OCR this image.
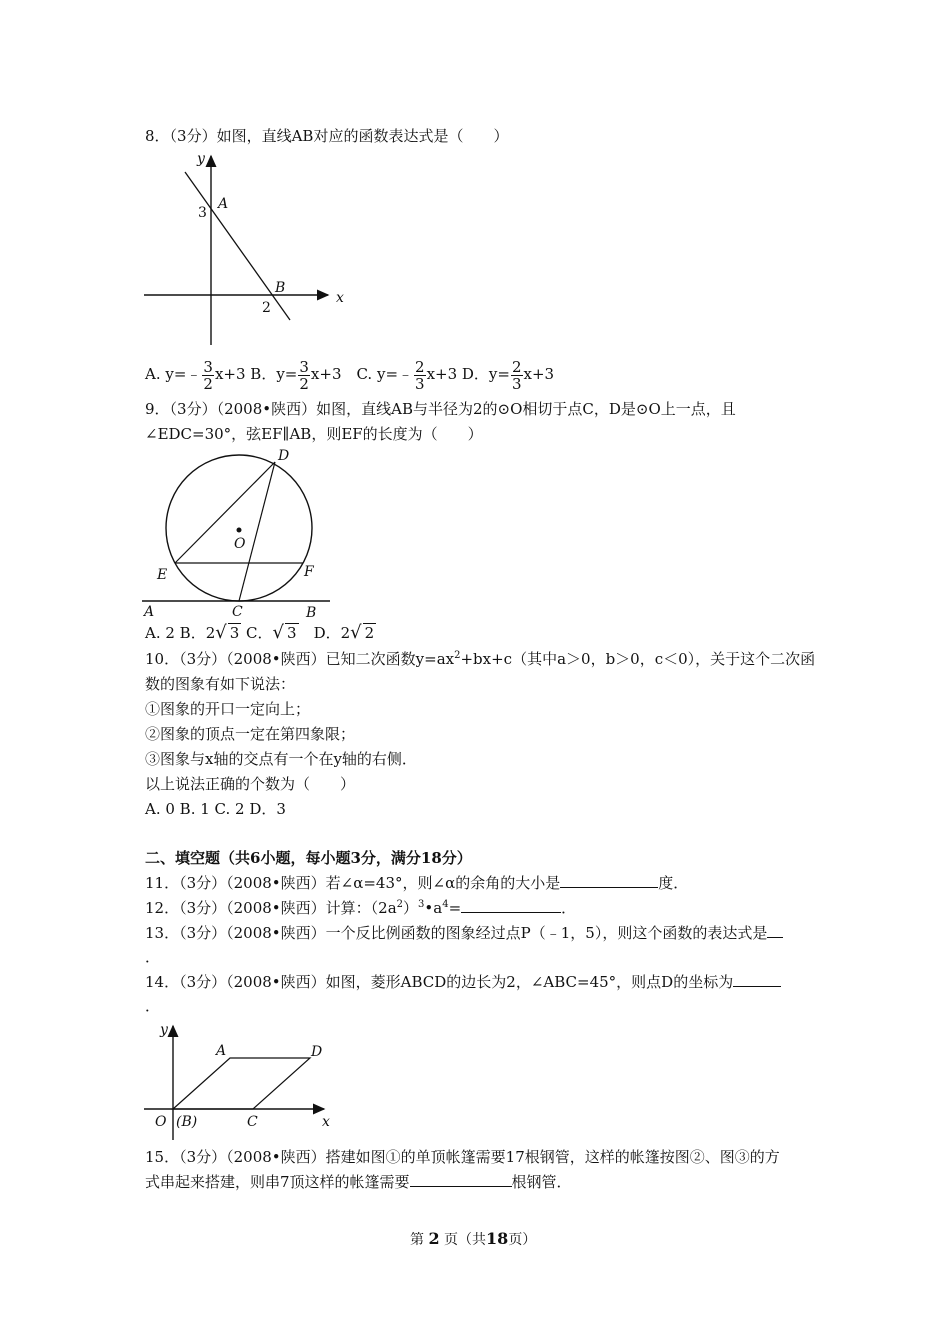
8．（3分）如图，直线AB对应的函数表达式是（　　）
y
x
A
B
3
2
A. y=﹣ $\frac{3}{2} x+3$ B．$y= \frac{3}{2} x+3$　C. y=﹣ $\frac{2}{3} x+3$ D．$y= \frac{2}{3} x+3$
9．（3分）（2008•陕西）如图，直线AB与半径为2的⊙O相切于点C，D是⊙O上一点，且
∠EDC=30°，弦EF∥AB，则EF的长度为（　　）
D
O
E	F
A	C	B
A. 2 B．2√ 3 C．√ 3　D．2√ 2
10．（3分）（2008•陕西）已知二次函数$y=ax^2+bx+c$（其中a＞0，b＞0，c＜0），关于这个二次函
数的图象有如下说法：
①图象的开口一定向上；
②图象的顶点一定在第四象限；
③图象与x轴的交点有一个在y轴的右侧．
以上说法正确的个数为（　　）
A. 0 B. 1 C. 2 D．3
二、填空题（共6小题，每小题3分，满分18分）
11．（3分）（2008•陕西）若∠α=43°，则∠α的余角的大小是	度．
12．（3分）（2008•陕西）计算：$(2a^2)^3•a^4=$	．
13．（3分）（2008•陕西）一个反比例函数的图象经过点P（﹣1，5），则这个函数的表达式是
．
14．（3分）（2008•陕西）如图，菱形ABCD的边长为2，∠ABC=45°，则点D的坐标为
．
y
x
A	D
O (B)	C
15．（3分）（2008•陕西）搭建如图①的单顶帐篷需要17根钢管，这样的帐篷按图②、图③的方
式串起来搭建，则串7顶这样的帐篷需要	根钢管．
第 2 页（共18页）
